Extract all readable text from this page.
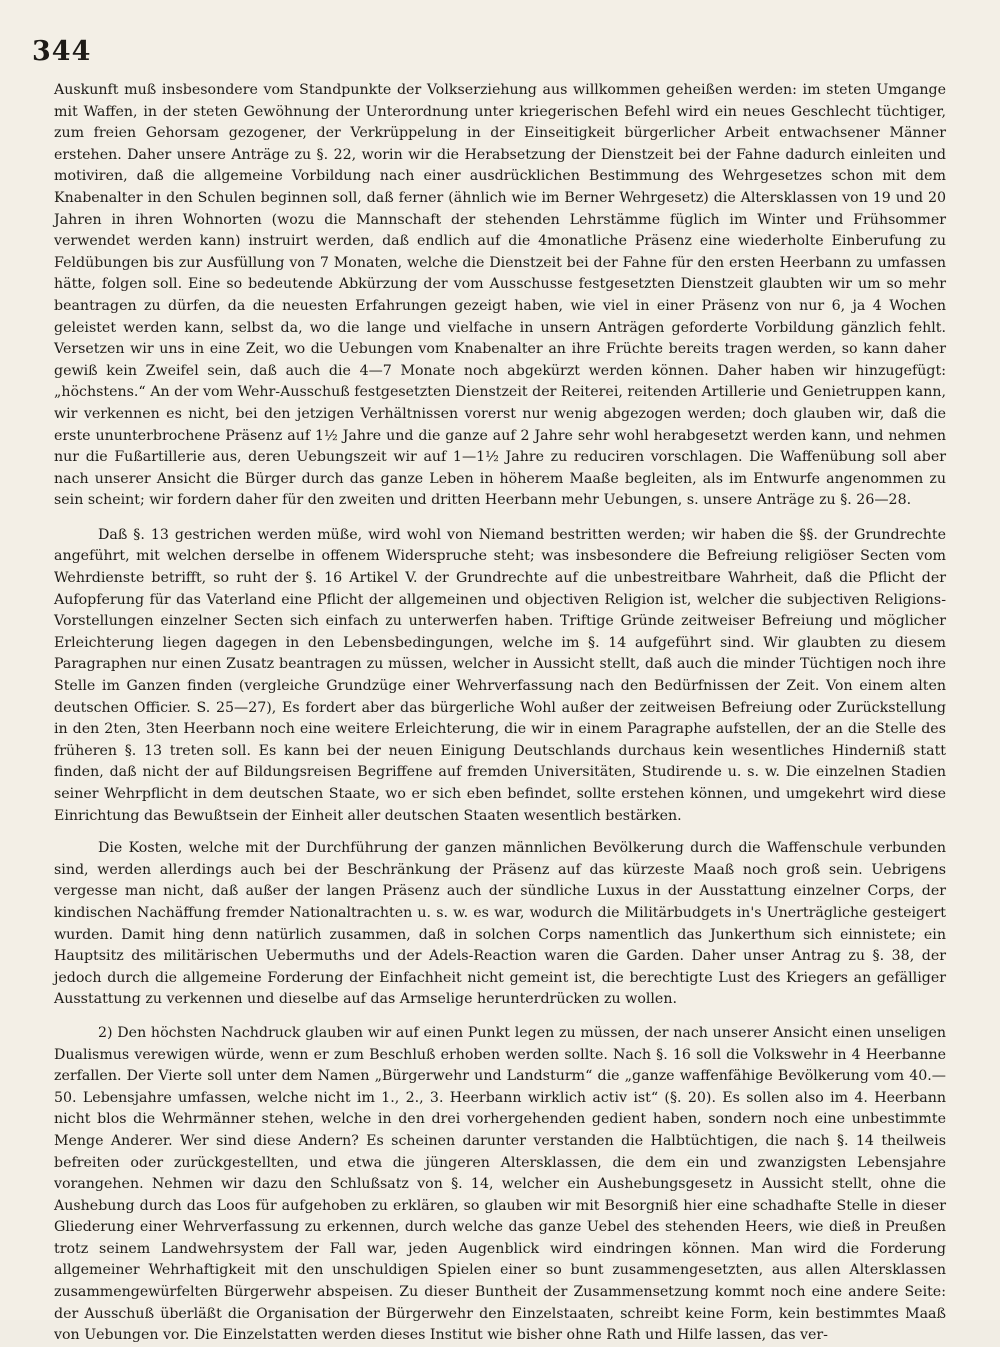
344

Auskunft muß insbesondere vom Standpunkte der Volkserziehung aus willkommen geheißen werden: im steten Umgange mit Waffen, in der steten Gewöhnung der Unterordnung unter kriegerischen Befehl wird ein neues Geschlecht tüchtiger, zum freien Gehorsam gezogener, der Verkrüppelung in der Einseitigkeit bürgerlicher Arbeit entwachsener Männer erstehen. Daher unsere Anträge zu §. 22, worin wir die Herabsetzung der Dienstzeit bei der Fahne dadurch einleiten und motiviren, daß die allgemeine Vorbildung nach einer ausdrücklichen Bestimmung des Wehrgesetzes schon mit dem Knabenalter in den Schulen beginnen soll, daß ferner (ähnlich wie im Berner Wehrgesetz) die Altersklassen von 19 und 20 Jahren in ihren Wohnorten (wozu die Mannschaft der stehenden Lehrstämme füglich im Winter und Frühsommer verwendet werden kann) instruirt werden, daß endlich auf die 4monatliche Präsenz eine wiederholte Einberufung zu Feldübungen bis zur Ausfüllung von 7 Monaten, welche die Dienstzeit bei der Fahne für den ersten Heerbann zu umfassen hätte, folgen soll. Eine so bedeutende Abkürzung der vom Ausschusse festgesetzten Dienstzeit glaubten wir um so mehr beantragen zu dürfen, da die neuesten Erfahrungen gezeigt haben, wie viel in einer Präsenz von nur 6, ja 4 Wochen geleistet werden kann, selbst da, wo die lange und vielfache in unsern Anträgen geforderte Vorbildung gänzlich fehlt. Versetzen wir uns in eine Zeit, wo die Uebungen vom Knabenalter an ihre Früchte bereits tragen werden, so kann daher gewiß kein Zweifel sein, daß auch die 4—7 Monate noch abgekürzt werden können. Daher haben wir hinzugefügt: „höchstens.“ An der vom Wehr-Ausschuß festgesetzten Dienstzeit der Reiterei, reitenden Artillerie und Genietruppen kann, wir verkennen es nicht, bei den jetzigen Verhältnissen vorerst nur wenig abgezogen werden; doch glauben wir, daß die erste ununterbrochene Präsenz auf 1½ Jahre und die ganze auf 2 Jahre sehr wohl herabgesetzt werden kann, und nehmen nur die Fußartillerie aus, deren Uebungszeit wir auf 1—1½ Jahre zu reduciren vorschlagen. Die Waffenübung soll aber nach unserer Ansicht die Bürger durch das ganze Leben in höherem Maaße begleiten, als im Entwurfe angenommen zu sein scheint; wir fordern daher für den zweiten und dritten Heerbann mehr Uebungen, s. unsere Anträge zu §. 26—28.

Daß §. 13 gestrichen werden müße, wird wohl von Niemand bestritten werden; wir haben die §§. der Grundrechte angeführt, mit welchen derselbe in offenem Widerspruche steht; was insbesondere die Befreiung religiöser Secten vom Wehrdienste betrifft, so ruht der §. 16 Artikel V. der Grundrechte auf die unbestreitbare Wahrheit, daß die Pflicht der Aufopferung für das Vaterland eine Pflicht der allgemeinen und objectiven Religion ist, welcher die subjectiven Religions-Vorstellungen einzelner Secten sich einfach zu unterwerfen haben. Triftige Gründe zeitweiser Befreiung und möglicher Erleichterung liegen dagegen in den Lebensbedingungen, welche im §. 14 aufgeführt sind. Wir glaubten zu diesem Paragraphen nur einen Zusatz beantragen zu müssen, welcher in Aussicht stellt, daß auch die minder Tüchtigen noch ihre Stelle im Ganzen finden (vergleiche Grundzüge einer Wehrverfassung nach den Bedürfnissen der Zeit. Von einem alten deutschen Officier. S. 25—27), Es fordert aber das bürgerliche Wohl außer der zeitweisen Befreiung oder Zurückstellung in den 2ten, 3ten Heerbann noch eine weitere Erleichterung, die wir in einem Paragraphe aufstellen, der an die Stelle des früheren §. 13 treten soll. Es kann bei der neuen Einigung Deutschlands durchaus kein wesentliches Hinderniß statt finden, daß nicht der auf Bildungsreisen Begriffene auf fremden Universitäten, Studirende u. s. w. Die einzelnen Stadien seiner Wehrpflicht in dem deutschen Staate, wo er sich eben befindet, sollte erstehen können, und umgekehrt wird diese Einrichtung das Bewußtsein der Einheit aller deutschen Staaten wesentlich bestärken.

Die Kosten, welche mit der Durchführung der ganzen männlichen Bevölkerung durch die Waffenschule verbunden sind, werden allerdings auch bei der Beschränkung der Präsenz auf das kürzeste Maaß noch groß sein. Uebrigens vergesse man nicht, daß außer der langen Präsenz auch der sündliche Luxus in der Ausstattung einzelner Corps, der kindischen Nachäffung fremder Nationaltrachten u. s. w. es war, wodurch die Militärbudgets in's Unerträgliche gesteigert wurden. Damit hing denn natürlich zusammen, daß in solchen Corps namentlich das Junkerthum sich einnistete; ein Hauptsitz des militärischen Uebermuths und der Adels-Reaction waren die Garden. Daher unser Antrag zu §. 38, der jedoch durch die allgemeine Forderung der Einfachheit nicht gemeint ist, die berechtigte Lust des Kriegers an gefälliger Ausstattung zu verkennen und dieselbe auf das Armselige herunterdrücken zu wollen.

2) Den höchsten Nachdruck glauben wir auf einen Punkt legen zu müssen, der nach unserer Ansicht einen unseligen Dualismus verewigen würde, wenn er zum Beschluß erhoben werden sollte. Nach §. 16 soll die Volkswehr in 4 Heerbanne zerfallen. Der Vierte soll unter dem Namen „Bürgerwehr und Landsturm“ die „ganze waffenfähige Bevölkerung vom 40.—50. Lebensjahre umfassen, welche nicht im 1., 2., 3. Heerbann wirklich activ ist“ (§. 20). Es sollen also im 4. Heerbann nicht blos die Wehrmänner stehen, welche in den drei vorhergehenden gedient haben, sondern noch eine unbestimmte Menge Anderer. Wer sind diese Andern? Es scheinen darunter verstanden die Halbtüchtigen, die nach §. 14 theilweis befreiten oder zurückgestellten, und etwa die jüngeren Altersklassen, die dem ein und zwanzigsten Lebensjahre vorangehen. Nehmen wir dazu den Schlußsatz von §. 14, welcher ein Aushebungsgesetz in Aussicht stellt, ohne die Aushebung durch das Loos für aufgehoben zu erklären, so glauben wir mit Besorgniß hier eine schadhafte Stelle in dieser Gliederung einer Wehrverfassung zu erkennen, durch welche das ganze Uebel des stehenden Heers, wie dieß in Preußen trotz seinem Landwehrsystem der Fall war, jeden Augenblick wird eindringen können. Man wird die Forderung allgemeiner Wehrhaftigkeit mit den unschuldigen Spielen einer so bunt zusammengesetzten, aus allen Altersklassen zusammengewürfelten Bürgerwehr abspeisen. Zu dieser Buntheit der Zusammensetzung kommt noch eine andere Seite: der Ausschuß überläßt die Organisation der Bürgerwehr den Einzelstaaten, schreibt keine Form, kein bestimmtes Maaß von Uebungen vor. Die Einzelstatten werden dieses Institut wie bisher ohne Rath und Hilfe lassen, das ver-
